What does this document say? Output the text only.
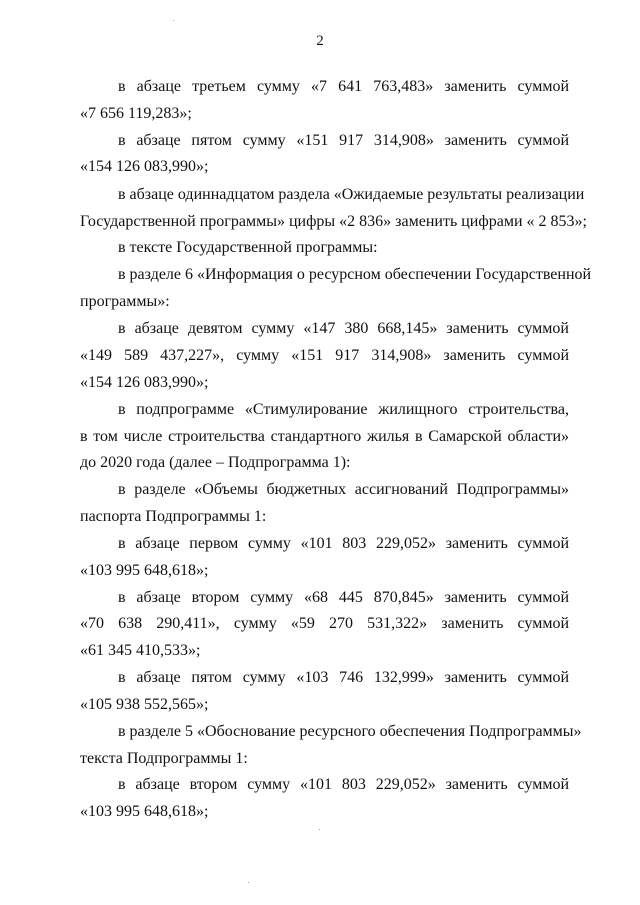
2
в абзаце третьем сумму «7 641 763,483» заменить суммой
«7 656 119,283»;
в абзаце пятом сумму «151 917 314,908» заменить суммой
«154 126 083,990»;
в абзаце одиннадцатом раздела «Ожидаемые результаты реализации
Государственной программы» цифры «2 836» заменить цифрами « 2 853»;
в тексте Государственной программы:
в разделе 6 «Информация о ресурсном обеспечении Государственной
программы»:
в абзаце девятом сумму «147 380 668,145» заменить суммой
«149 589 437,227», сумму «151 917 314,908» заменить суммой
«154 126 083,990»;
в подпрограмме «Стимулирование жилищного строительства,
в том числе строительства стандартного жилья в Самарской области»
до 2020 года (далее – Подпрограмма 1):
в разделе «Объемы бюджетных ассигнований Подпрограммы»
паспорта Подпрограммы 1:
в абзаце первом сумму «101 803 229,052» заменить суммой
«103 995 648,618»;
в абзаце втором сумму «68 445 870,845» заменить суммой
«70 638 290,411», сумму «59 270 531,322» заменить суммой
«61 345 410,533»;
в абзаце пятом сумму «103 746 132,999» заменить суммой
«105 938 552,565»;
в разделе 5 «Обоснование ресурсного обеспечения Подпрограммы»
текста Подпрограммы 1:
в абзаце втором сумму «101 803 229,052» заменить суммой
«103 995 648,618»;
